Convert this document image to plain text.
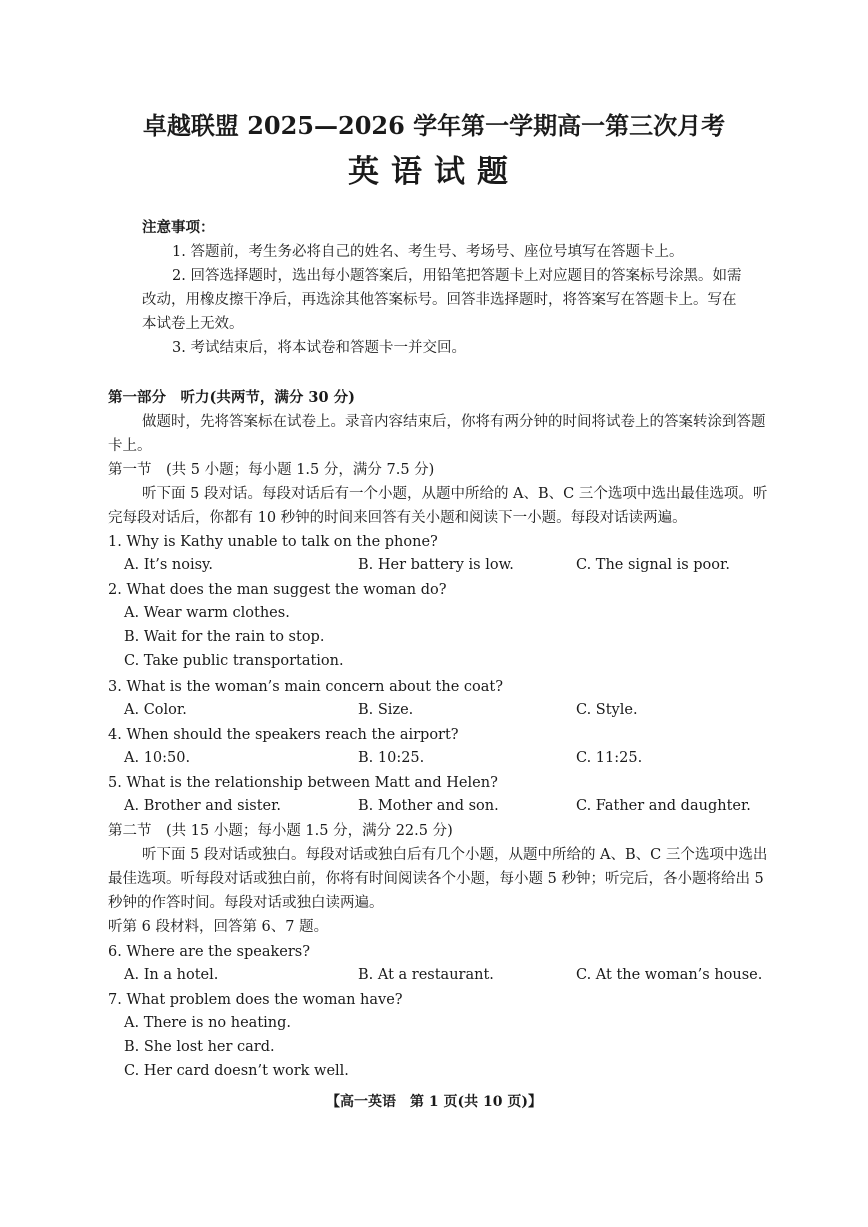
卓越联盟 2025—2026 学年第一学期高一第三次月考
英语试题
注意事项：

1. 答题前，考生务必将自己的姓名、考生号、考场号、座位号填写在答题卡上。

2. 回答选择题时，选出每小题答案后，用铅笔把答题卡上对应题目的答案标号涂黑。如需改动，用橡皮擦干净后，再选涂其他答案标号。回答非选择题时，将答案写在答题卡上。写在本试卷上无效。

3. 考试结束后，将本试卷和答题卡一并交回。

第一部分　听力(共两节，满分 30 分)
做题时，先将答案标在试卷上。录音内容结束后，你将有两分钟的时间将试卷上的答案转涂到答题卡上。
第一节　(共 5 小题；每小题 1.5 分，满分 7.5 分)
听下面 5 段对话。每段对话后有一个小题，从题中所给的 A、B、C 三个选项中选出最佳选项。听完每段对话后，你都有 10 秒钟的时间来回答有关小题和阅读下一小题。每段对话读两遍。
1. Why is Kathy unable to talk on the phone?
A. It’s noisy.	B. Her battery is low.	C. The signal is poor.
2. What does the man suggest the woman do?
A. Wear warm clothes.
B. Wait for the rain to stop.
C. Take public transportation.
3. What is the woman’s main concern about the coat?
A. Color.	B. Size.	C. Style.
4. When should the speakers reach the airport?
A. 10:50.	B. 10:25.	C. 11:25.
5. What is the relationship between Matt and Helen?
A. Brother and sister.	B. Mother and son.	C. Father and daughter.
第二节　(共 15 小题；每小题 1.5 分，满分 22.5 分)
听下面 5 段对话或独白。每段对话或独白后有几个小题，从题中所给的 A、B、C 三个选项中选出最佳选项。听每段对话或独白前，你将有时间阅读各个小题，每小题 5 秒钟；听完后，各小题将给出 5 秒钟的作答时间。每段对话或独白读两遍。
听第 6 段材料，回答第 6、7 题。
6. Where are the speakers?
A. In a hotel.	B. At a restaurant.	C. At the woman’s house.
7. What problem does the woman have?
A. There is no heating.
B. She lost her card.
C. Her card doesn’t work well.
【高一英语　第 1 页(共 10 页)】
